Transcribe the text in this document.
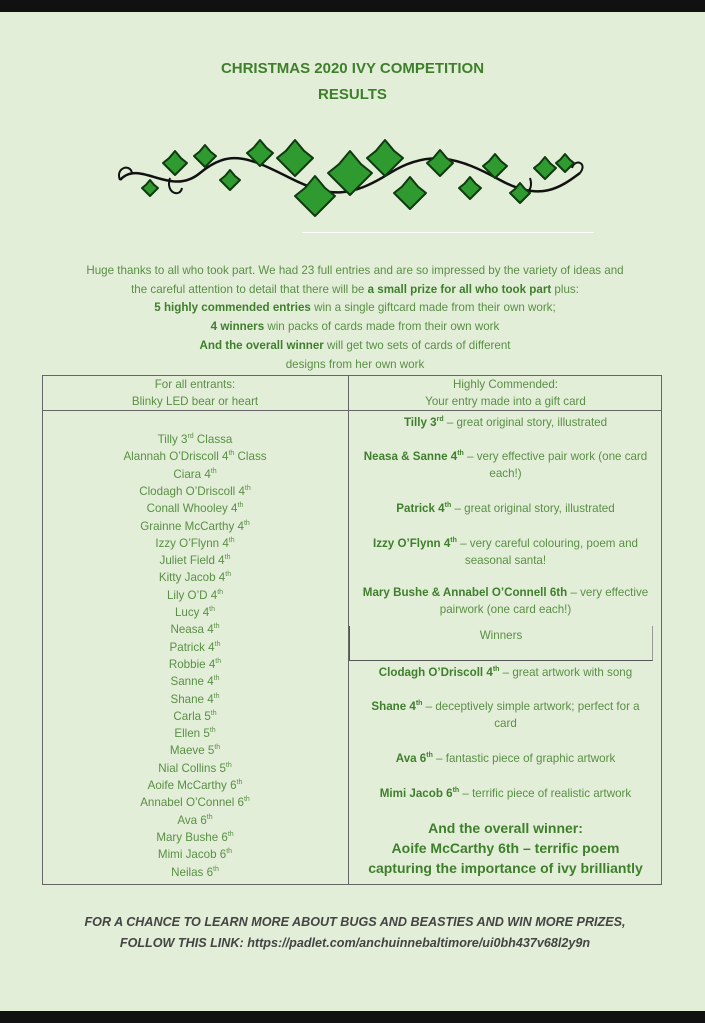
CHRISTMAS 2020 IVY COMPETITION
RESULTS
Huge thanks to all who took part. We had 23 full entries and are so impressed by the variety of ideas and
the careful attention to detail that there will be a small prize for all who took part plus:
5 highly commended entries win a single giftcard made from their own work;
4 winners win packs of cards made from their own work
And the overall winner will get two sets of cards of different
designs from her own work
For all entrants:
Blinky LED bear or heart
Highly Commended:
Your entry made into a gift card
Tilly 3rd Classa
Alannah O’Driscoll 4th Class
Ciara 4th
Clodagh O’Driscoll 4th
Conall Whooley 4th
Grainne McCarthy 4th
Izzy O’Flynn 4th
Juliet Field 4th
Kitty Jacob 4th
Lily O’D 4th
Lucy 4th
Neasa 4th
Patrick 4th
Robbie 4th
Sanne 4th
Shane 4th
Carla 5th
Ellen 5th
Maeve 5th
Nial Collins 5th
Aoife McCarthy 6th
Annabel O’Connel 6th
Ava 6th
Mary Bushe 6th
Mimi Jacob 6th
Neilas 6th
Tilly 3rd – great original story, illustrated
Neasa & Sanne 4th – very effective pair work (one card each!)
Patrick 4th – great original story, illustrated
Izzy O’Flynn 4th – very careful colouring, poem and seasonal santa!
Mary Bushe & Annabel O’Connell 6th – very effective pairwork (one card each!)
Clodagh O’Driscoll 4th – great artwork with song
Shane 4th – deceptively simple artwork; perfect for a card
Ava 6th – fantastic piece of graphic artwork
Mimi Jacob 6th – terrific piece of realistic artwork
Winners
And the overall winner:
Aoife McCarthy 6th – terrific poem
capturing the importance of ivy brilliantly
FOR A CHANCE TO LEARN MORE ABOUT BUGS AND BEASTIES AND WIN MORE PRIZES,
FOLLOW THIS LINK: https://padlet.com/anchuinnebaltimore/ui0bh437v68l2y9n
